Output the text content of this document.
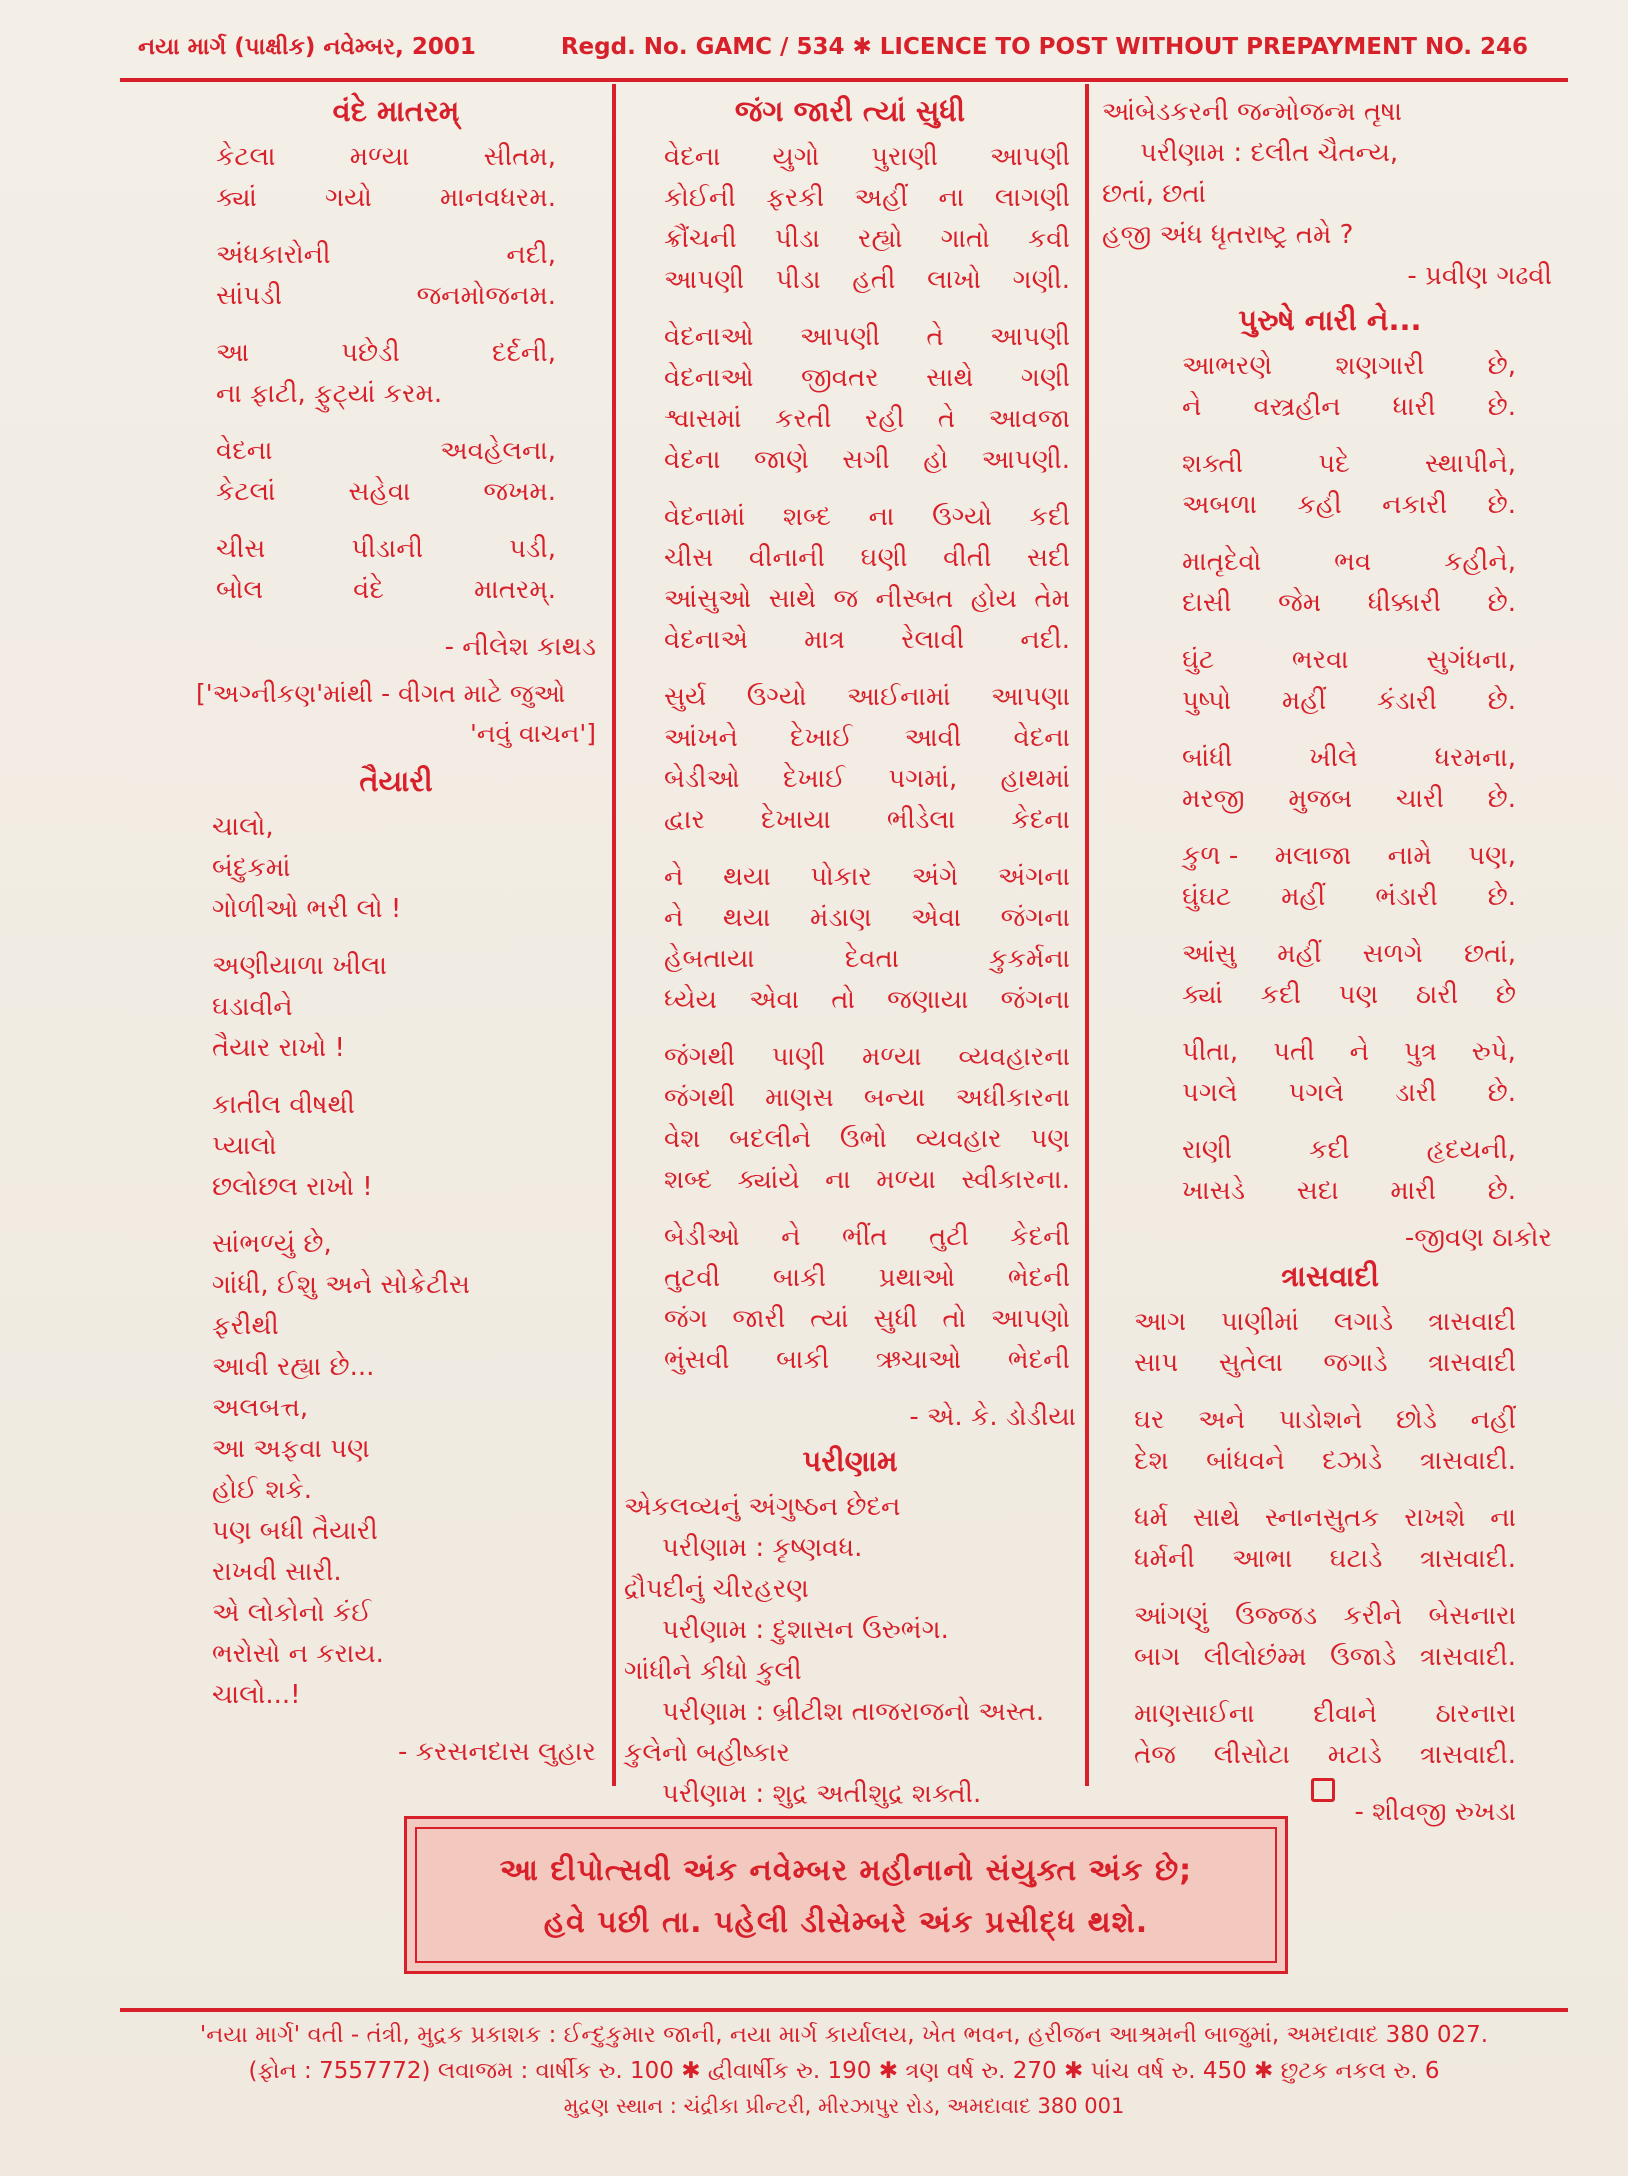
નયા માર્ગ (પાક્ષીક) નવેમ્બર, 2001	Regd. No. GAMC / 534 ✱ LICENCE TO POST WITHOUT PREPAYMENT NO. 246
વંદે માતરમ્
કેટલા	મળ્યા	સીતમ,
ક્યાં	ગયો	માનવધરમ.
અંધકારોની	નદી,
સાંપડી	જનમોજનમ.
આ	પછેડી	દર્દની,
ના ફાટી, ફુટ્યાં કરમ.
વેદના	અવહેલના,
કેટલાં	સહેવા	જખમ.
ચીસ	પીડાની	પડી,
બોલ	વંદે	માતરમ્.
- નીલેશ કાથડ
['અગ્નીકણ'માંથી - વીગત માટે જુઓ
'નવું વાચન']
તૈયારી
ચાલો,
બંદુકમાં
ગોળીઓ ભરી લો !
અણીયાળા ખીલા
ઘડાવીને
તૈયાર રાખો !
કાતીલ વીષથી
પ્યાલો
છલોછલ રાખો !
સાંભળ્યું છે,
ગાંધી, ઈશુ અને સોક્રેટીસ
ફરીથી
આવી રહ્યા છે...
અલબત્ત,
આ અફવા પણ
હોઈ શકે.
પણ બધી તૈયારી
રાખવી સારી.
એ લોકોનો કંઈ
ભરોસો ન કરાય.
ચાલો...!
- કરસનદાસ લુહાર
જંગ જારી ત્યાં સુધી
વેદના યુગો પુરાણી આપણી
કોઈની ફરકી અહીં ના લાગણી
ક્રૌંચની પીડા રહ્યો ગાતો કવી
આપણી પીડા હતી લાખો ગણી.
વેદનાઓ આપણી તે આપણી
વેદનાઓ જીવતર સાથે ગણી
શ્વાસમાં કરતી રહી તે આવજા
વેદના જાણે સગી હો આપણી.
વેદનામાં શબ્દ ના ઉગ્યો કદી
ચીસ વીનાની ઘણી વીતી સદી
આંસુઓ સાથે જ નીસ્બત હોય તેમ
વેદનાએ માત્ર રેલાવી નદી.
સુર્ય ઉગ્યો આઈનામાં આપણા
આંખને દેખાઈ આવી વેદના
બેડીઓ દેખાઈ પગમાં, હાથમાં
દ્વાર દેખાયા ભીડેલા કેદના
ને થયા પોકાર અંગે અંગના
ને થયા મંડાણ એવા જંગના
હેબતાયા	દેવતા	કુકર્મના
ધ્યેય એવા તો જણાયા જંગના
જંગથી પાણી મળ્યા વ્યવહારના
જંગથી માણસ બન્યા અધીકારના
વેશ બદલીને ઉભો વ્યવહાર પણ
શબ્દ ક્યાંયે ના મળ્યા સ્વીકારના.
બેડીઓ ને ભીંત તુટી કેદની
તુટવી બાકી પ્રથાઓ ભેદની
જંગ જારી ત્યાં સુધી તો આપણો
ભુંસવી બાકી ઋચાઓ ભેદની
- એ. કે. ડોડીયા
પરીણામ
એકલવ્યનું અંગુષ્ઠન છેદન
પરીણામ : કૃષ્ણવધ.
દ્રૌપદીનું ચીરહરણ
પરીણામ : દુશાસન ઉરુભંગ.
ગાંધીને કીધો કુલી
પરીણામ : બ્રીટીશ તાજરાજનો અસ્ત.
કુલેનો બહીષ્કાર
પરીણામ : શુદ્ર અતીશુદ્ર શક્તી.
આંબેડકરની જન્મોજન્મ તૃષા
પરીણામ : દલીત ચૈતન્ય,
છતાં, છતાં
હજી અંધ ધૃતરાષ્ટ્ર તમે ?
- પ્રવીણ ગઢવી
પુરુષે નારી ને...
આભરણે શણગારી છે,
ને વસ્ત્રહીન ધારી છે.
શક્તી	પદે	સ્થાપીને,
અબળા કહી નકારી છે.
માતૃદેવો	ભવ	કહીને,
દાસી જેમ ધીક્કારી છે.
ઘુંટ	ભરવા	સુગંધના,
પુષ્પો મહીં કંડારી છે.
બાંધી	ખીલે	ધરમના,
મરજી મુજબ ચારી છે.
કુળ - મલાજા નામે પણ,
ઘુંઘટ મહીં ભંડારી છે.
આંસુ મહીં સળગે છતાં,
ક્યાં કદી પણ ઠારી છે
પીતા, પતી ને પુત્ર રુપે,
પગલે પગલે ડારી છે.
રાણી	કદી	હૃદયની,
ખાસડે સદા મારી છે.
-જીવણ ઠાકોર
ત્રાસવાદી
આગ પાણીમાં લગાડે ત્રાસવાદી
સાપ સુતેલા જગાડે ત્રાસવાદી
ઘર અને પાડોશને છોડે નહીં
દેશ બાંધવને દઝાડે ત્રાસવાદી.
ધર્મ સાથે સ્નાનસુતક રાખશે ના
ધર્મની આભા ઘટાડે ત્રાસવાદી.
આંગણું ઉજ્જડ કરીને બેસનારા
બાગ લીલોછંમ્મ ઉજાડે ત્રાસવાદી.
માણસાઈના દીવાને ઠારનારા
તેજ લીસોટા મટાડે ત્રાસવાદી.
- શીવજી રુખડા
આ દીપોત્સવી અંક નવેમ્બર મહીનાનો સંયુક્ત અંક છે;
હવે પછી તા. પહેલી ડીસેમ્બરે અંક પ્રસીદ્ધ થશે.
'નયા માર્ગ' વતી - તંત્રી, મુદ્રક પ્રકાશક : ઈન્દુકુમાર જાની, નયા માર્ગ કાર્યાલય, ખેત ભવન, હરીજન આશ્રમની બાજુમાં, અમદાવાદ 380 027.
(ફોન : 7557772) લવાજમ : વાર્ષીક રુ. 100 ✱ દ્વીવાર્ષીક રુ. 190 ✱ ત્રણ વર્ષ રુ. 270 ✱ પાંચ વર્ષ રુ. 450 ✱ છુટક નકલ રુ. 6
મુદ્રણ સ્થાન : ચંદ્રીકા પ્રીન્ટરી, મીરઝાપુર રોડ, અમદાવાદ 380 001
